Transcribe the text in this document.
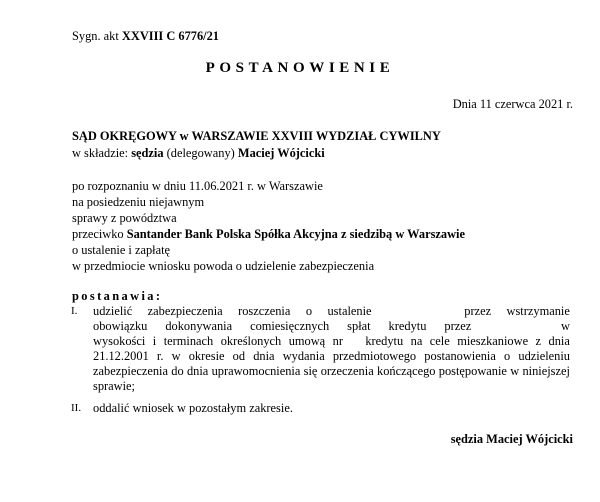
Sygn. akt XXVIII C 6776/21
POSTANOWIENIE
Dnia 11 czerwca 2021 r.
SĄD OKRĘGOWY w WARSZAWIE XXVIII WYDZIAŁ CYWILNY
w składzie: sędzia (delegowany) Maciej Wójcicki
po rozpoznaniu w dniu 11.06.2021 r. w Warszawie
na posiedzeniu niejawnym
sprawy z powództwa
przeciwko Santander Bank Polska Spółka Akcyjna z siedzibą w Warszawie
o ustalenie i zapłatę
w przedmiocie wniosku powoda o udzielenie zabezpieczenia
postanawia:
I. udzielić zabezpieczenia roszczenia o ustalenie	przez wstrzymanie
obowiązku dokonywania comiesięcznych spłat kredytu przez	w
wysokości i terminach określonych umową nr kredytu na cele mieszkaniowe z dnia
21.12.2001 r. w okresie od dnia wydania przedmiotowego postanowienia o udzieleniu
zabezpieczenia do dnia uprawomocnienia się orzeczenia kończącego postępowanie w niniejszej
sprawie;
II. oddalić wniosek w pozostałym zakresie.
sędzia Maciej Wójcicki
